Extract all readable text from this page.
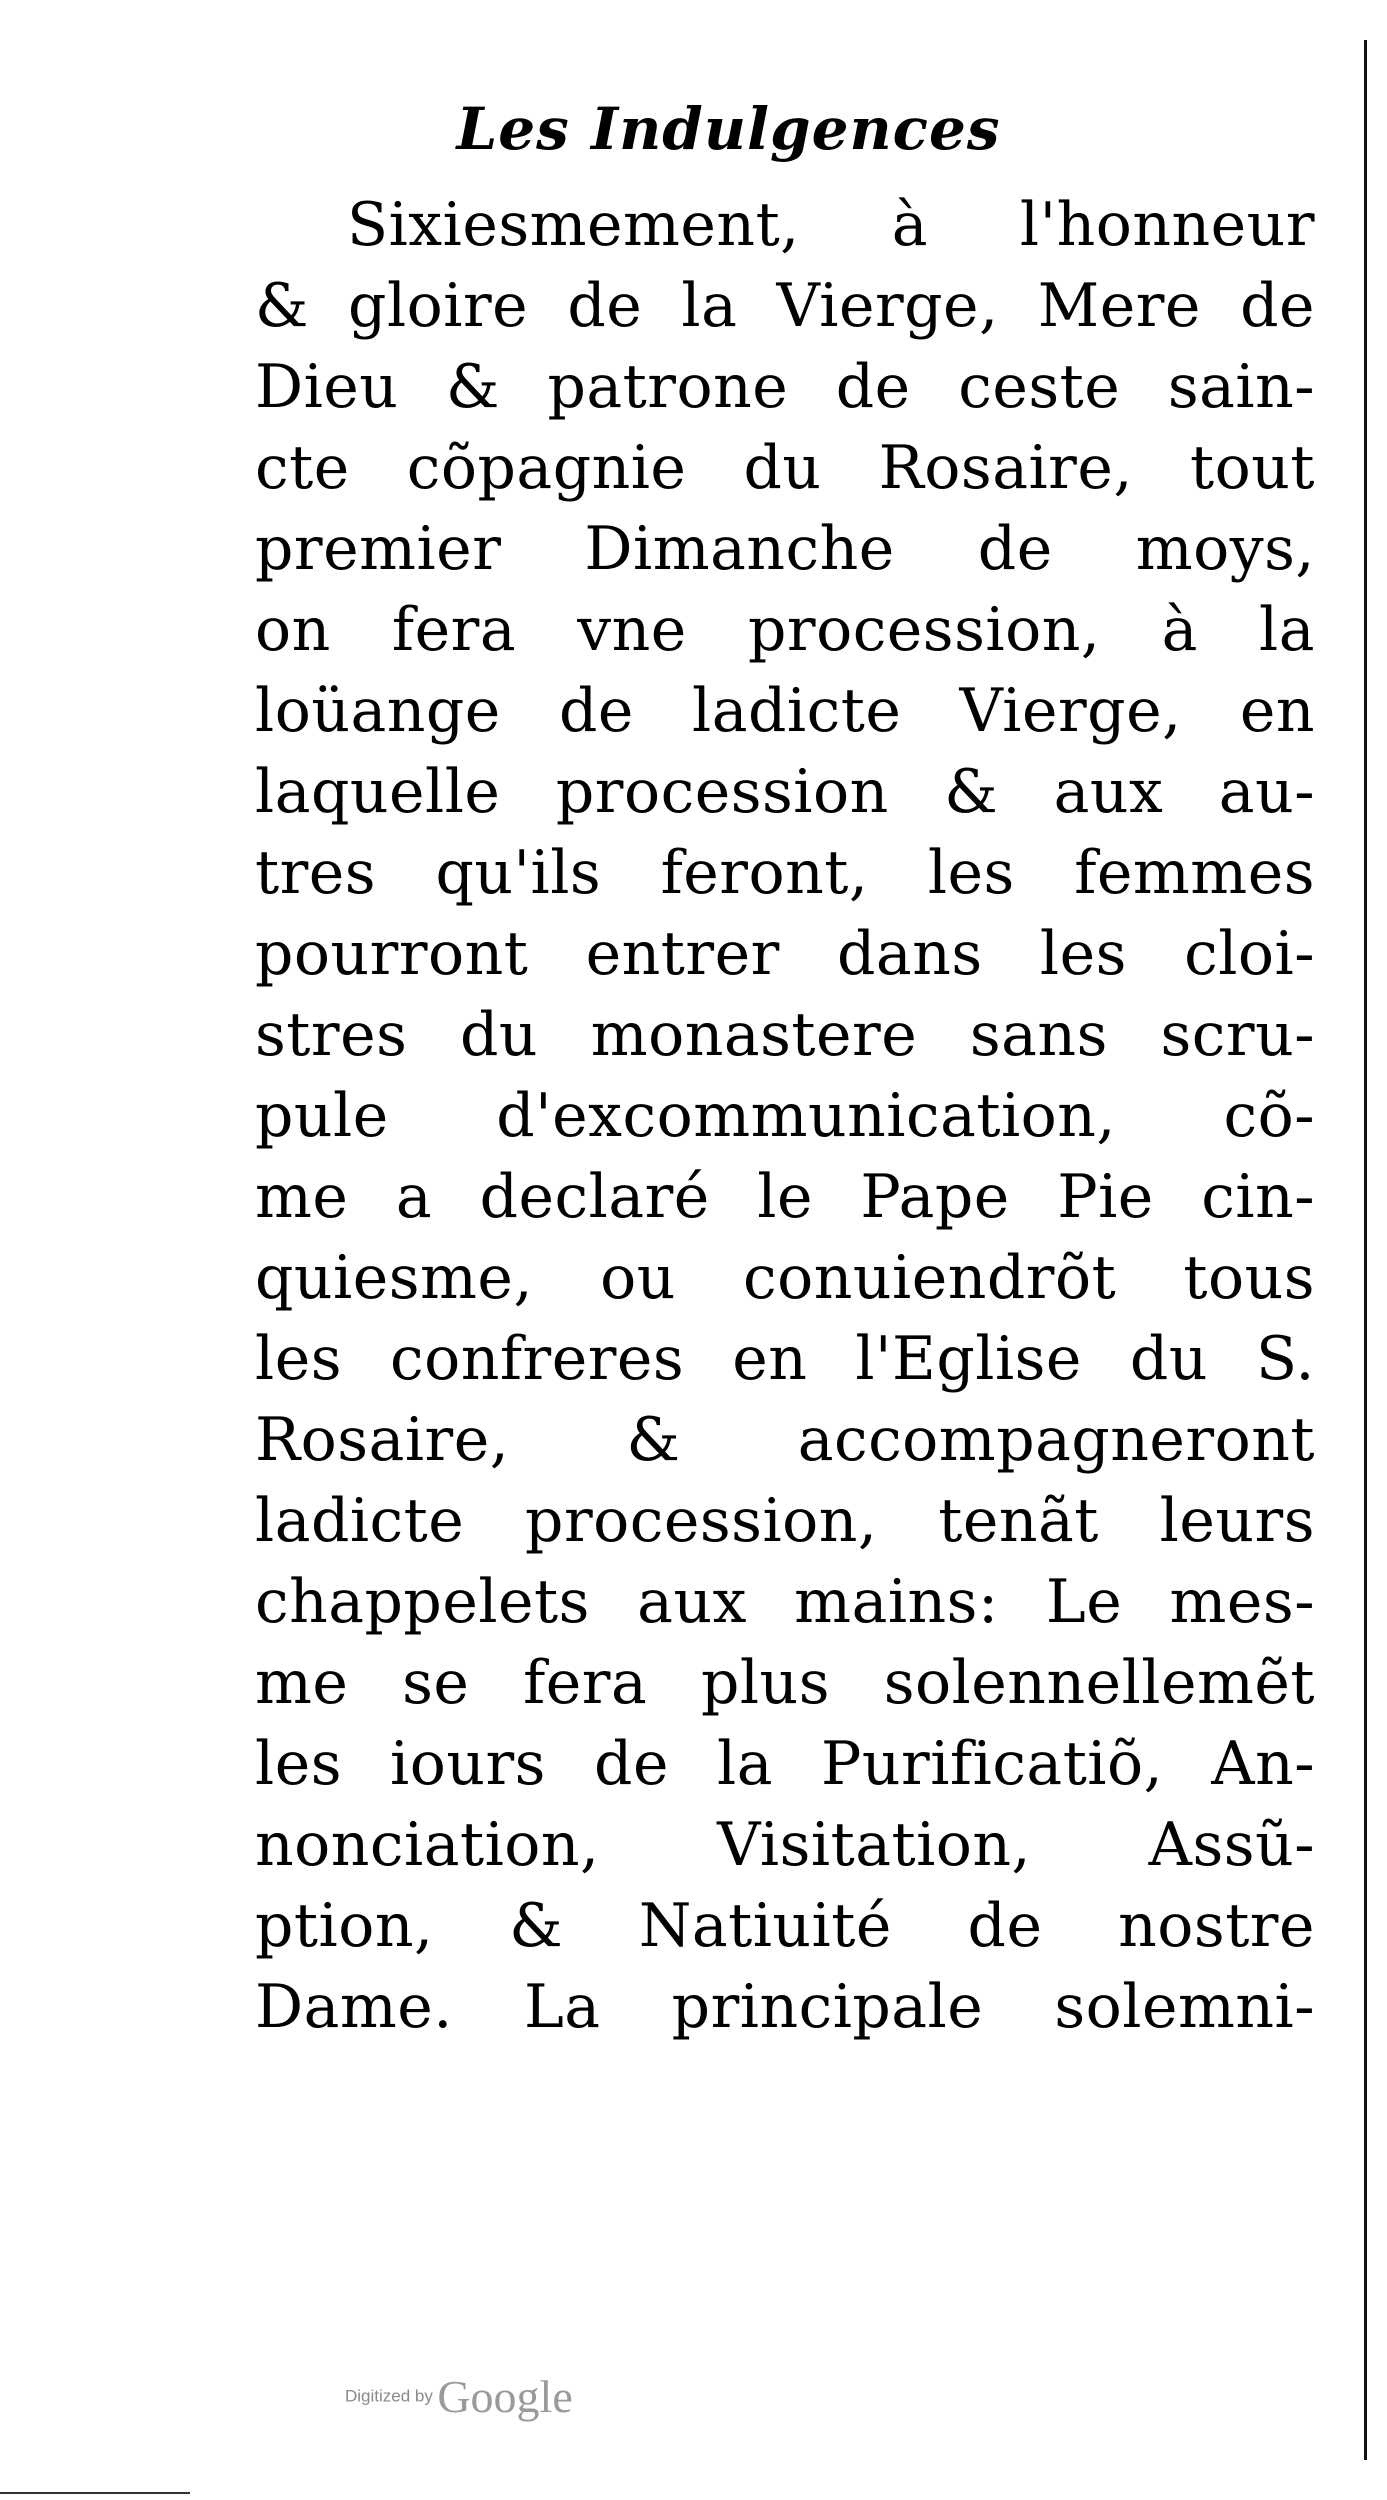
Les Indulgences
Sixiesmement, à l'honneur
& gloire de la Vierge, Mere de
Dieu & patrone de ceste sain-
cte cõpagnie du Rosaire, tout
premier Dimanche de moys,
on fera vne procession, à la
loüange de ladicte Vierge, en
laquelle procession & aux au-
tres qu'ils feront, les femmes
pourront entrer dans les cloi-
stres du monastere sans scru-
pule d'excommunication, cõ-
me a declaré le Pape Pie cin-
quiesme, ou conuiendrõt tous
les confreres en l'Eglise du S.
Rosaire, & accompagneront
ladicte procession, tenãt leurs
chappelets aux mains: Le mes-
me se fera plus solennellemẽt
les iours de la Purificatiõ, An-
nonciation, Visitation, Assũ-
ption, & Natiuité de nostre
Dame. La principale solemni-
Digitized by Google
